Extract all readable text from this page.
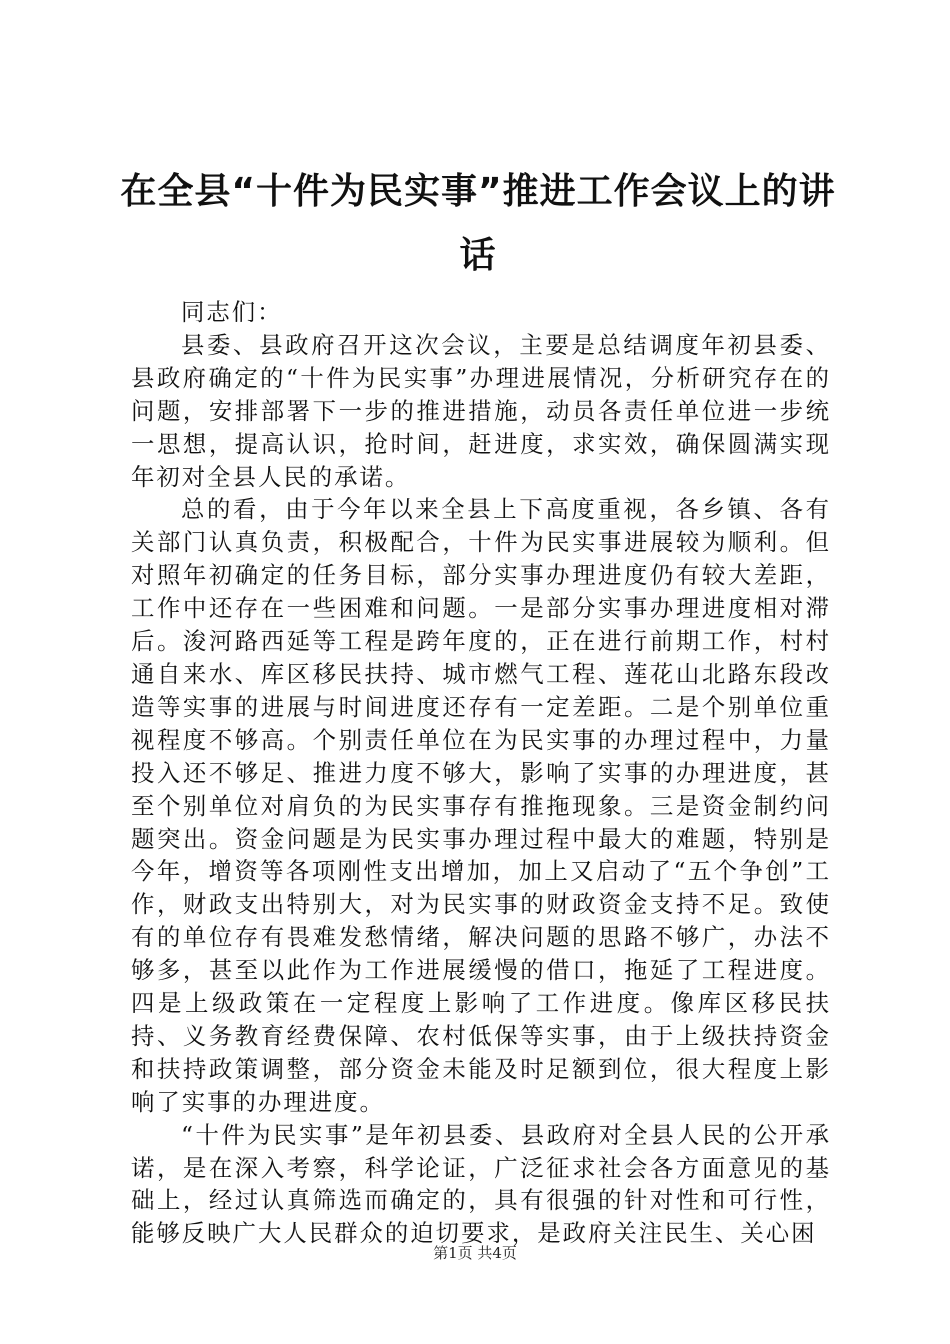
在全县“十件为民实事”推进工作会议上的讲话

同志们：

县委、县政府召开这次会议，主要是总结调度年初县委、县政府确定的“十件为民实事”办理进展情况，分析研究存在的问题，安排部署下一步的推进措施，动员各责任单位进一步统一思想，提高认识，抢时间，赶进度，求实效，确保圆满实现年初对全县人民的承诺。

总的看，由于今年以来全县上下高度重视，各乡镇、各有关部门认真负责，积极配合，十件为民实事进展较为顺利。但对照年初确定的任务目标，部分实事办理进度仍有较大差距，工作中还存在一些困难和问题。一是部分实事办理进度相对滞后。浚河路西延等工程是跨年度的，正在进行前期工作，村村通自来水、库区移民扶持、城市燃气工程、莲花山北路东段改造等实事的进展与时间进度还存有一定差距。二是个别单位重视程度不够高。个别责任单位在为民实事的办理过程中，力量投入还不够足、推进力度不够大，影响了实事的办理进度，甚至个别单位对肩负的为民实事存有推拖现象。三是资金制约问题突出。资金问题是为民实事办理过程中最大的难题，特别是今年，增资等各项刚性支出增加，加上又启动了“五个争创”工作，财政支出特别大，对为民实事的财政资金支持不足。致使有的单位存有畏难发愁情绪，解决问题的思路不够广，办法不够多，甚至以此作为工作进展缓慢的借口，拖延了工程进度。四是上级政策在一定程度上影响了工作进度。像库区移民扶持、义务教育经费保障、农村低保等实事，由于上级扶持资金和扶持政策调整，部分资金未能及时足额到位，很大程度上影响了实事的办理进度。

“十件为民实事”是年初县委、县政府对全县人民的公开承诺，是在深入考察，科学论证，广泛征求社会各方面意见的基础上，经过认真筛选而确定的，具有很强的针对性和可行性，能够反映广大人民群众的迫切要求，是政府关注民生、关心困

第1页 共4页
